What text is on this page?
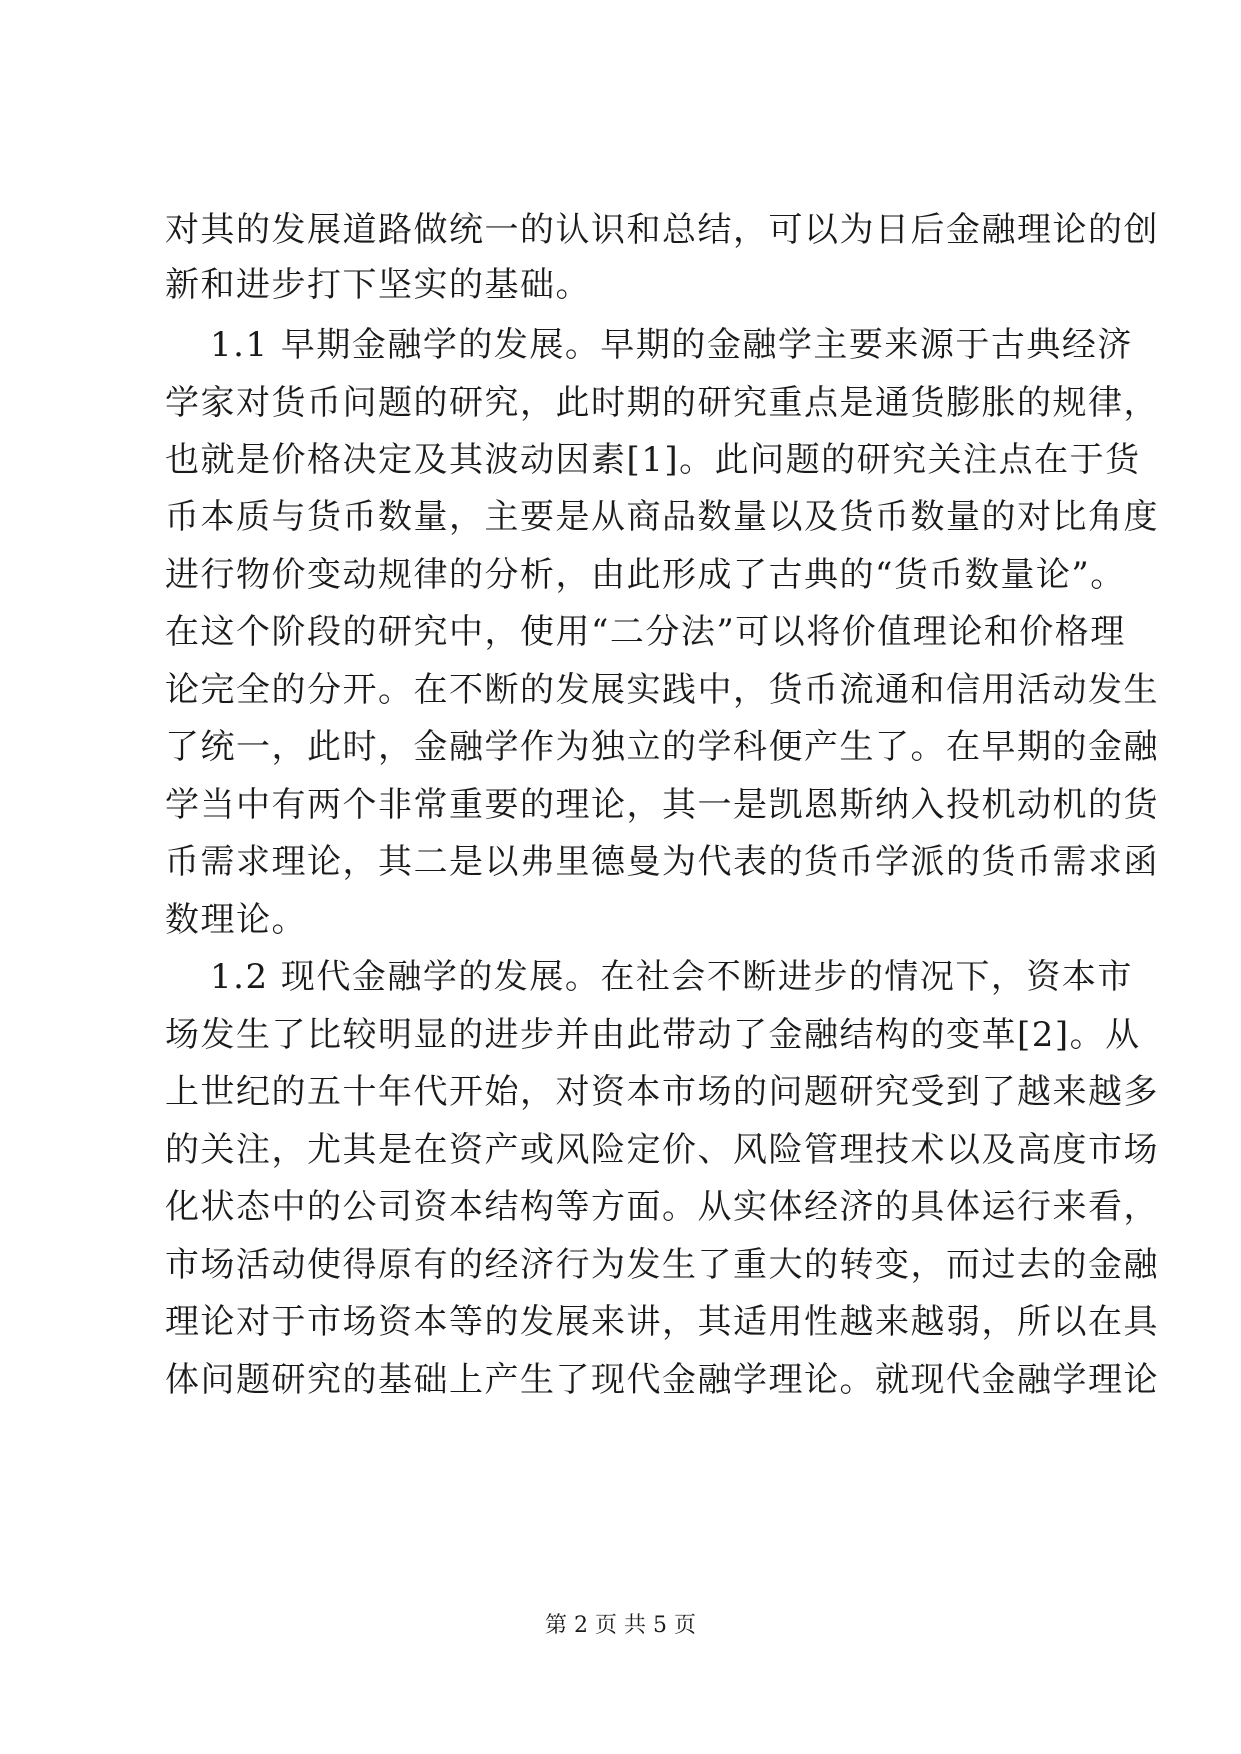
对其的发展道路做统一的认识和总结，可以为日后金融理论的创
新和进步打下坚实的基础。
1.1 早期金融学的发展。早期的金融学主要来源于古典经济
学家对货币问题的研究，此时期的研究重点是通货膨胀的规律，
也就是价格决定及其波动因素[1]。此问题的研究关注点在于货
币本质与货币数量，主要是从商品数量以及货币数量的对比角度
进行物价变动规律的分析，由此形成了古典的“货币数量论”。
在这个阶段的研究中，使用“二分法”可以将价值理论和价格理
论完全的分开。在不断的发展实践中，货币流通和信用活动发生
了统一，此时，金融学作为独立的学科便产生了。在早期的金融
学当中有两个非常重要的理论，其一是凯恩斯纳入投机动机的货
币需求理论，其二是以弗里德曼为代表的货币学派的货币需求函
数理论。
1.2 现代金融学的发展。在社会不断进步的情况下，资本市
场发生了比较明显的进步并由此带动了金融结构的变革[2]。从
上世纪的五十年代开始，对资本市场的问题研究受到了越来越多
的关注，尤其是在资产或风险定价、风险管理技术以及高度市场
化状态中的公司资本结构等方面。从实体经济的具体运行来看，
市场活动使得原有的经济行为发生了重大的转变，而过去的金融
理论对于市场资本等的发展来讲，其适用性越来越弱，所以在具
体问题研究的基础上产生了现代金融学理论。就现代金融学理论
第 2 页 共 5 页
